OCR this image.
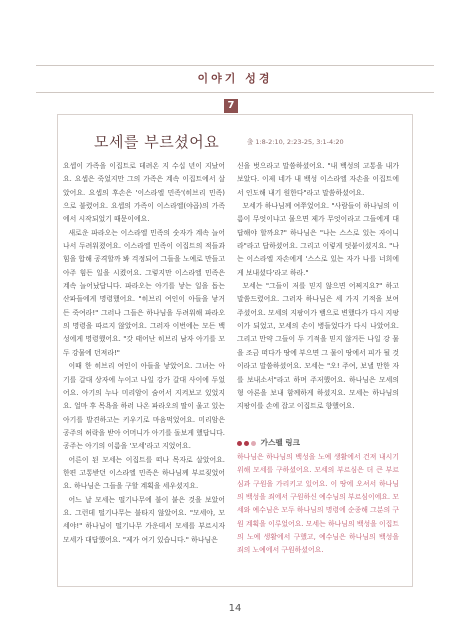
이야기 성경
7
모세를 부르셨어요	출 1:8-2:10, 2:23-25, 3:1-4:20

요셉이 가족을 이집트로 데려온 지 수십 년이 지났어요. 요셉은 죽었지만 그의 가족은 계속 이집트에서 살았어요. 요셉의 후손은 '이스라엘 민족'(히브리 민족)으로 불렸어요. 요셉의 가족이 이스라엘(야곱)의 가족에서 시작되었기 때문이에요.

새로운 파라오는 이스라엘 민족의 숫자가 계속 늘어나서 두려워졌어요. 이스라엘 민족이 이집트의 적들과 힘을 합해 공격할까 봐 걱정되어 그들을 노예로 만들고 아주 힘든 일을 시켰어요. 그렇지만 이스라엘 민족은 계속 늘어났답니다. 파라오는 아기를 낳는 일을 돕는 산파들에게 명령했어요. "히브리 여인이 아들을 낳거든 죽여라!" 그러나 그들은 하나님을 두려워해 파라오의 명령을 따르지 않았어요. 그러자 이번에는 모든 백성에게 명령했어요. "갓 태어난 히브리 남자 아기를 모두 강물에 던져라!"

이때 한 히브리 여인이 아들을 낳았어요. 그녀는 아기를 갈대 상자에 누이고 나일 강가 갈대 사이에 두었어요. 아기의 누나 미리암이 숨어서 지켜보고 있었지요. 얼마 후 목욕을 하러 나온 파라오의 딸이 울고 있는 아기를 발견하고는 키우기로 마음먹었어요. 미리암은 공주의 허락을 받아 어머니가 아기를 돌보게 했답니다. 공주는 아기의 이름을 '모세'라고 지었어요.

어른이 된 모세는 이집트를 떠나 목자로 살았어요. 한편 고통받던 이스라엘 민족은 하나님께 부르짖었어요. 하나님은 그들을 구할 계획을 세우셨지요.

어느 날 모세는 떨기나무에 불이 붙은 것을 보았어요. 그런데 떨기나무는 불타지 않았어요. "모세야, 모세야!" 하나님이 떨기나무 가운데서 모세를 부르시자 모세가 대답했어요. "제가 여기 있습니다." 하나님은

신을 벗으라고 말씀하셨어요. "내 백성의 고통을 내가 보았다. 이제 네가 내 백성 이스라엘 자손을 이집트에서 인도해 내기 원한다"라고 말씀하셨어요.

모세가 하나님께 여쭈었어요. "사람들이 하나님의 이름이 무엇이냐고 물으면 제가 무엇이라고 그들에게 대답해야 할까요?" 하나님은 "나는 스스로 있는 자이니라"라고 답하셨어요. 그리고 이렇게 덧붙이셨지요. "나는 이스라엘 자손에게 '스스로 있는 자가 나를 너희에게 보내셨다'라고 하라."

모세는 "그들이 저를 믿지 않으면 어쩌지요?" 하고 말씀드렸어요. 그러자 하나님은 세 가지 기적을 보여 주셨어요. 모세의 지팡이가 뱀으로 변했다가 다시 지팡이가 되었고, 모세의 손이 병들었다가 다시 나았어요. 그리고 만약 그들이 두 기적을 믿지 않거든 나일 강 물을 조금 떠다가 땅에 부으면 그 물이 땅에서 피가 될 것이라고 말씀하셨어요. 모세는 "오! 주여, 보낼 만한 자를 보내소서"라고 하며 주저했어요. 하나님은 모세의 형 아론을 보내 함께하게 하셨지요. 모세는 하나님의 지팡이를 손에 잡고 이집트로 향했어요.

가스펠 링크
하나님은 하나님의 백성을 노예 생활에서 건져 내시기 위해 모세를 구하셨어요. 모세의 부르심은 더 큰 부르심과 구원을 가리키고 있어요. 이 땅에 오셔서 하나님의 백성을 죄에서 구원하신 예수님의 부르심이에요. 모세와 예수님은 모두 하나님의 명령에 순종해 그분의 구원 계획을 이루었어요. 모세는 하나님의 백성을 이집트의 노예 생활에서 구했고, 예수님은 하나님의 백성을 죄의 노예에서 구원하셨어요.
14
